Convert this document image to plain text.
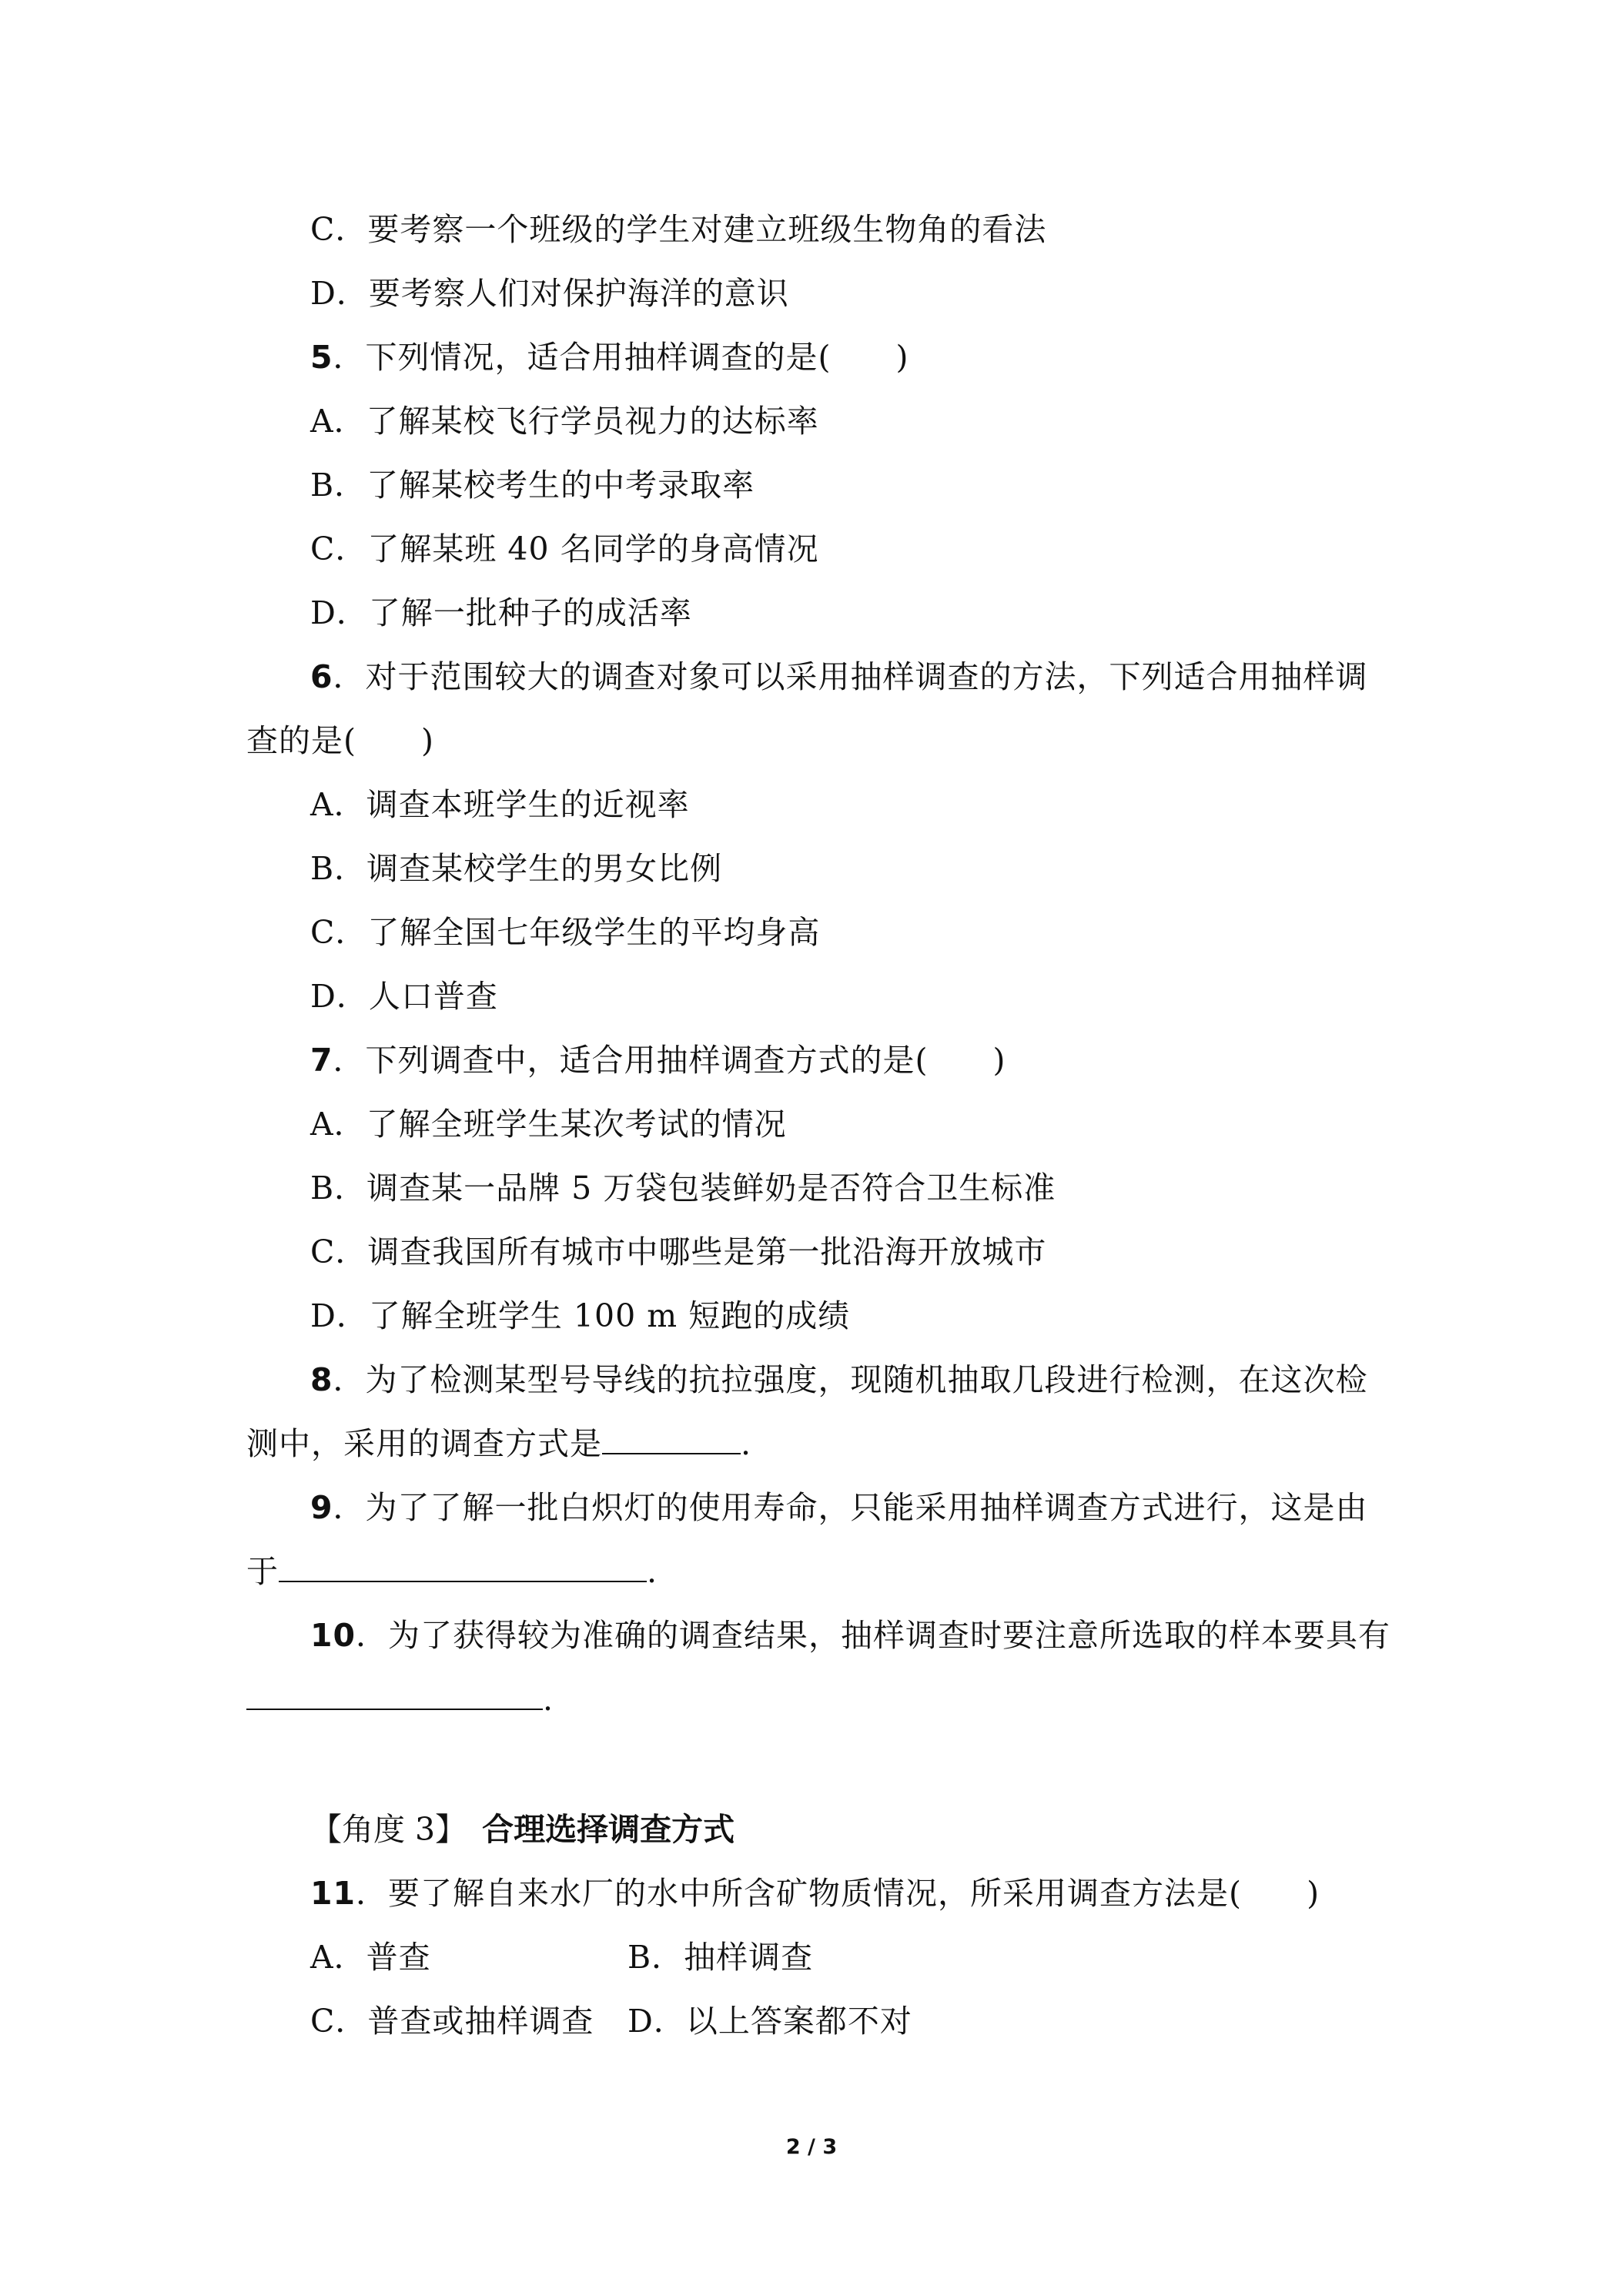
C．要考察一个班级的学生对建立班级生物角的看法
D．要考察人们对保护海洋的意识
5．下列情况，适合用抽样调查的是( )
A．了解某校飞行学员视力的达标率
B．了解某校考生的中考录取率
C．了解某班 40 名同学的身高情况
D．了解一批种子的成活率
6．对于范围较大的调查对象可以采用抽样调查的方法，下列适合用抽样调
查的是( )
A．调查本班学生的近视率
B．调查某校学生的男女比例
C．了解全国七年级学生的平均身高
D．人口普查
7．下列调查中，适合用抽样调查方式的是( )
A．了解全班学生某次考试的情况
B．调查某一品牌 5 万袋包装鲜奶是否符合卫生标准
C．调查我国所有城市中哪些是第一批沿海开放城市
D．了解全班学生 100 m 短跑的成绩
8．为了检测某型号导线的抗拉强度，现随机抽取几段进行检测，在这次检
测中，采用的调查方式是	.
9．为了了解一批白炽灯的使用寿命，只能采用抽样调查方式进行，这是由
于	.
10．为了获得较为准确的调查结果，抽样调查时要注意所选取的样本要具有
.
【角度 3】 合理选择调查方式
11．要了解自来水厂的水中所含矿物质情况，所采用调查方法是( )
A．普查	B．抽样调查
C．普查或抽样调查 D．以上答案都不对
2 / 3
